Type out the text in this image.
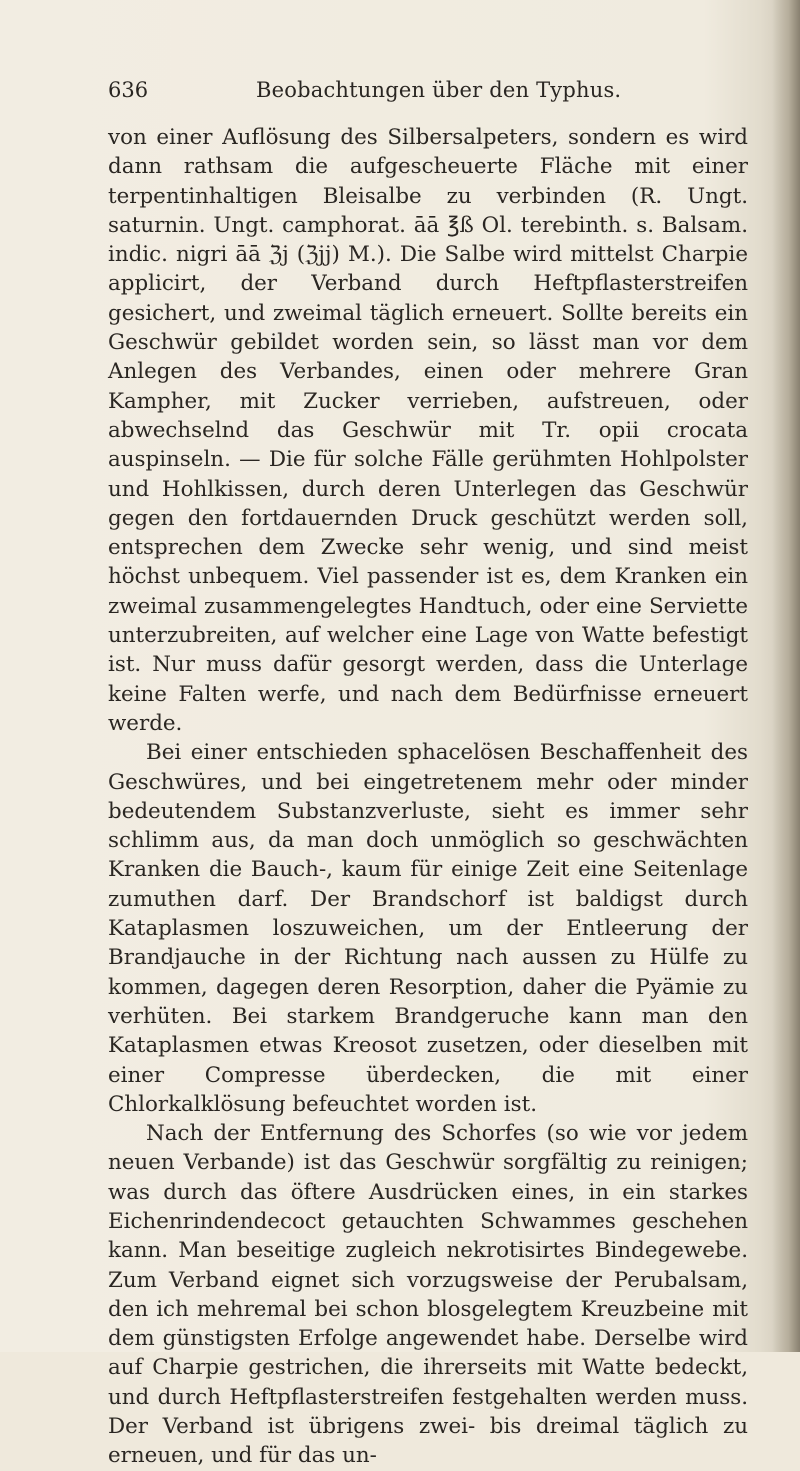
636	Beobachtungen über den Typhus.

von einer Auflösung des Silbersalpeters, sondern es wird dann rathsam die aufgescheuerte Fläche mit einer terpentinhaltigen Bleisalbe zu verbinden (R. Ungt. saturnin. Ungt. camphorat. āā ℥ß Ol. terebinth. s. Balsam. indic. nigri āā ℨj (ℨjj) M.). Die Salbe wird mittelst Charpie applicirt, der Verband durch Heftpflasterstreifen gesichert, und zweimal täglich erneuert. Sollte bereits ein Geschwür gebildet worden sein, so lässt man vor dem Anlegen des Verbandes, einen oder mehrere Gran Kampher, mit Zucker verrieben, aufstreuen, oder abwechselnd das Geschwür mit Tr. opii crocata auspinseln. — Die für solche Fälle gerühmten Hohlpolster und Hohlkissen, durch deren Unterlegen das Geschwür gegen den fortdauernden Druck geschützt werden soll, entsprechen dem Zwecke sehr wenig, und sind meist höchst unbequem. Viel passender ist es, dem Kranken ein zweimal zusammengelegtes Handtuch, oder eine Serviette unterzubreiten, auf welcher eine Lage von Watte befestigt ist. Nur muss dafür gesorgt werden, dass die Unterlage keine Falten werfe, und nach dem Bedürfnisse erneuert werde.

Bei einer entschieden sphacelösen Beschaffenheit des Geschwüres, und bei eingetretenem mehr oder minder bedeutendem Substanzverluste, sieht es immer sehr schlimm aus, da man doch unmöglich so geschwächten Kranken die Bauch-, kaum für einige Zeit eine Seitenlage zumuthen darf. Der Brandschorf ist baldigst durch Kataplasmen loszuweichen, um der Entleerung der Brandjauche in der Richtung nach aussen zu Hülfe zu kommen, dagegen deren Resorption, daher die Pyämie zu verhüten. Bei starkem Brandgeruche kann man den Kataplasmen etwas Kreosot zusetzen, oder dieselben mit einer Compresse überdecken, die mit einer Chlorkalklösung befeuchtet worden ist.

Nach der Entfernung des Schorfes (so wie vor jedem neuen Verbande) ist das Geschwür sorgfältig zu reinigen; was durch das öftere Ausdrücken eines, in ein starkes Eichenrindendecoct getauchten Schwammes geschehen kann. Man beseitige zugleich nekrotisirtes Bindegewebe. Zum Verband eignet sich vorzugsweise der Perubalsam, den ich mehremal bei schon blosgelegtem Kreuzbeine mit dem günstigsten Erfolge angewendet habe. Derselbe wird auf Charpie gestrichen, die ihrerseits mit Watte bedeckt, und durch Heftpflasterstreifen festgehalten werden muss. Der Verband ist übrigens zwei- bis dreimal täglich zu erneuen, und für das un-
